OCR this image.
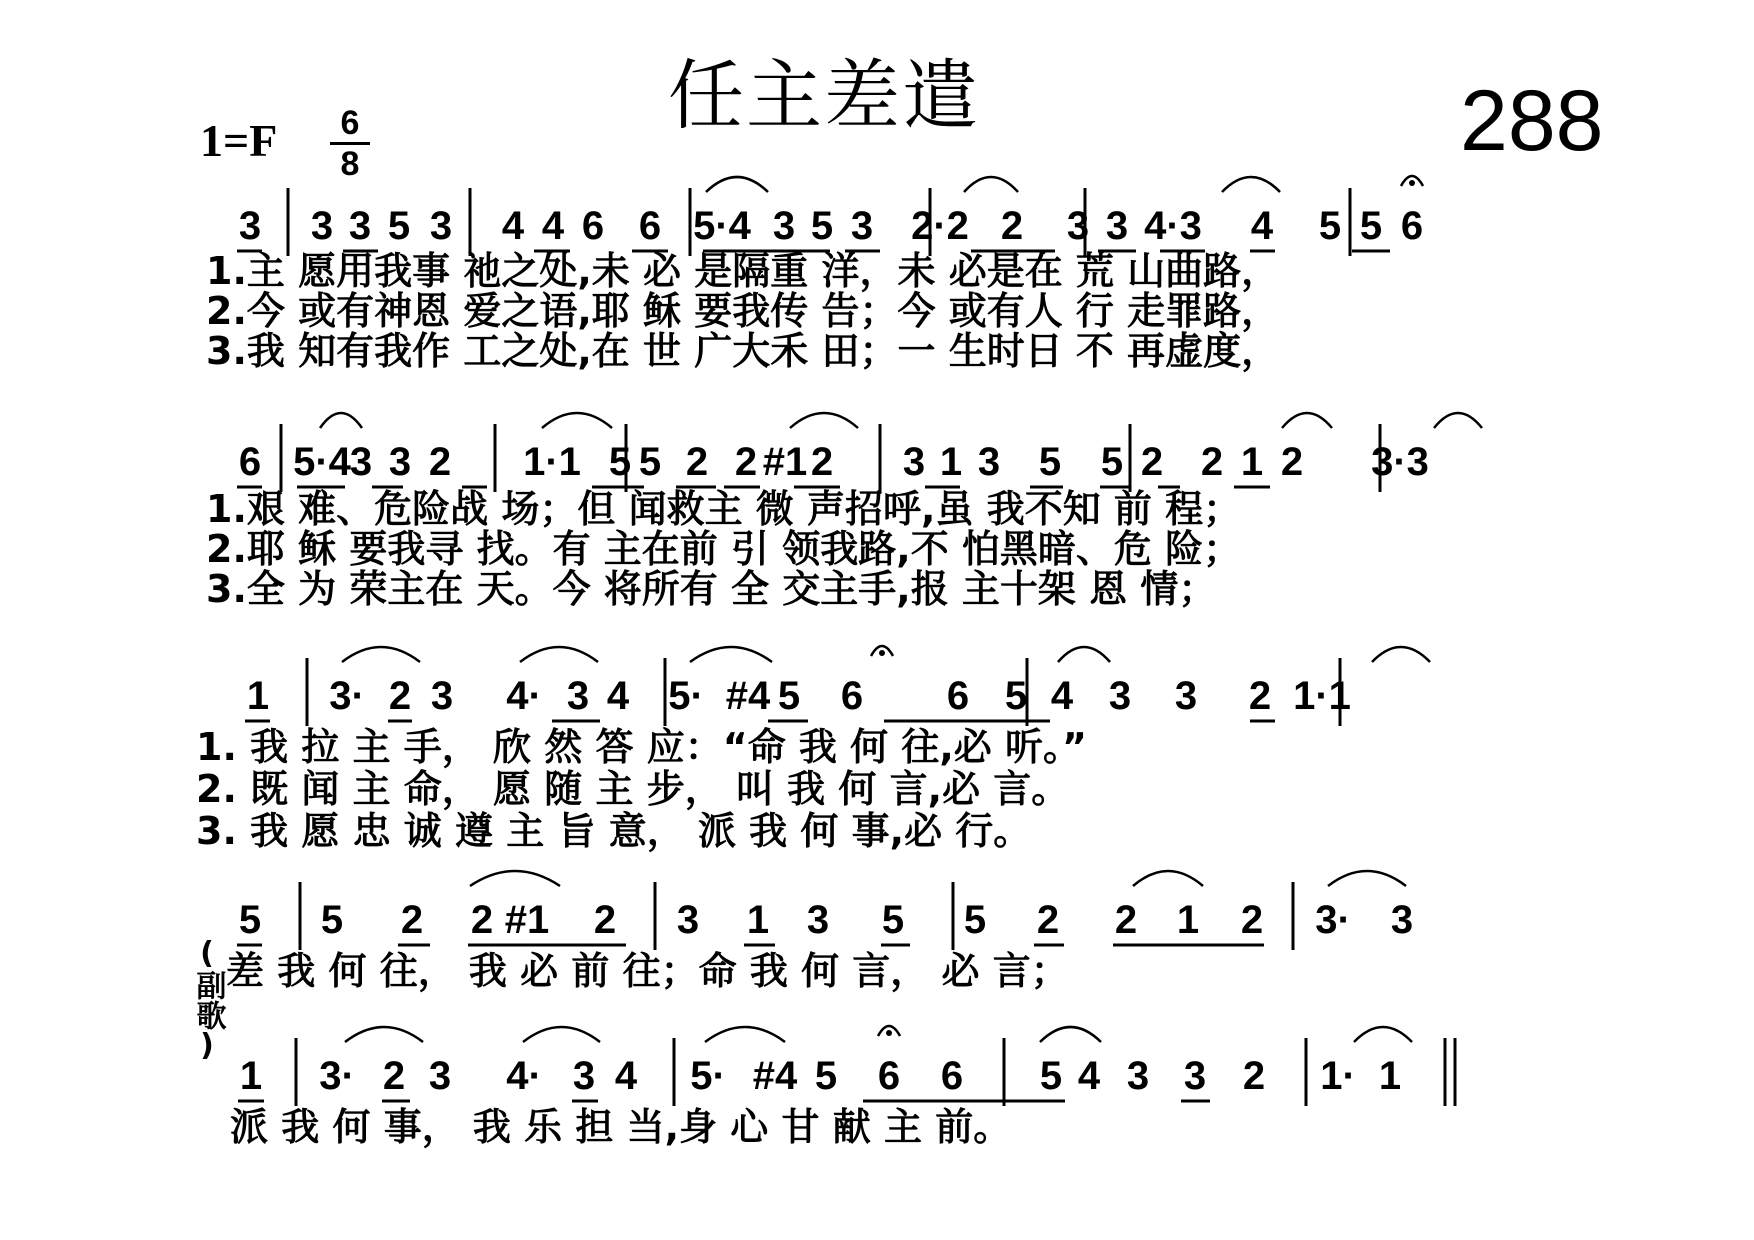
任主差遣	288
1=F	6
8
3 3 3 5 3 4 4 6 6 5·4 3 5 3 2·2 2 3 3 4·3 4 5 5 6
1.主 愿用我事 祂之处,未 必 是隔重 洋，未 必是在 荒 山曲路，
2.今 或有神恩 爱之语,耶 稣 要我传 告；今 或有人 行 走罪路，
3.我 知有我作 工之处,在 世 广大禾 田；一 生时日 不 再虚度，
6 5·4
3 3 2 1·1 5 5 2 2 #1 2 3 1 3 5 5 2 2 1 2 3·3
1.艰 难、危险战 场；但 闻救主 微 声招呼,虽 我不知 前 程；
2.耶 稣 要我寻 找。有 主在前 引 领我路,不 怕黑暗、危 险；
3.全 为 荣主在 天。今 将所有 全 交主手,报 主十架 恩 情；
1 3· 2 3 4· 3 4 5· #4 5 6 6 5 4 3 3 2 1·1
1. 我 拉 主 手， 欣 然 答 应：“命 我 何 往,必 听。”
2. 既 闻 主 命， 愿 随 主 步， 叫 我 何 言,必 言。
3. 我 愿 忠 诚 遵 主 旨 意， 派 我 何 事,必 行。
5 5 2 2 #1 2 3 1 3 5 5 2 2 1 2 3· 3
差 我 何 往， 我 必 前 往；命 我 何 言， 必 言；
1 3· 2 3 4· 3 4 5· #4 5 6 6 5 4 3 3 2 1· 1
派 我 何 事， 我 乐 担 当,身 心 甘 献 主 前。
(
副歌
)
